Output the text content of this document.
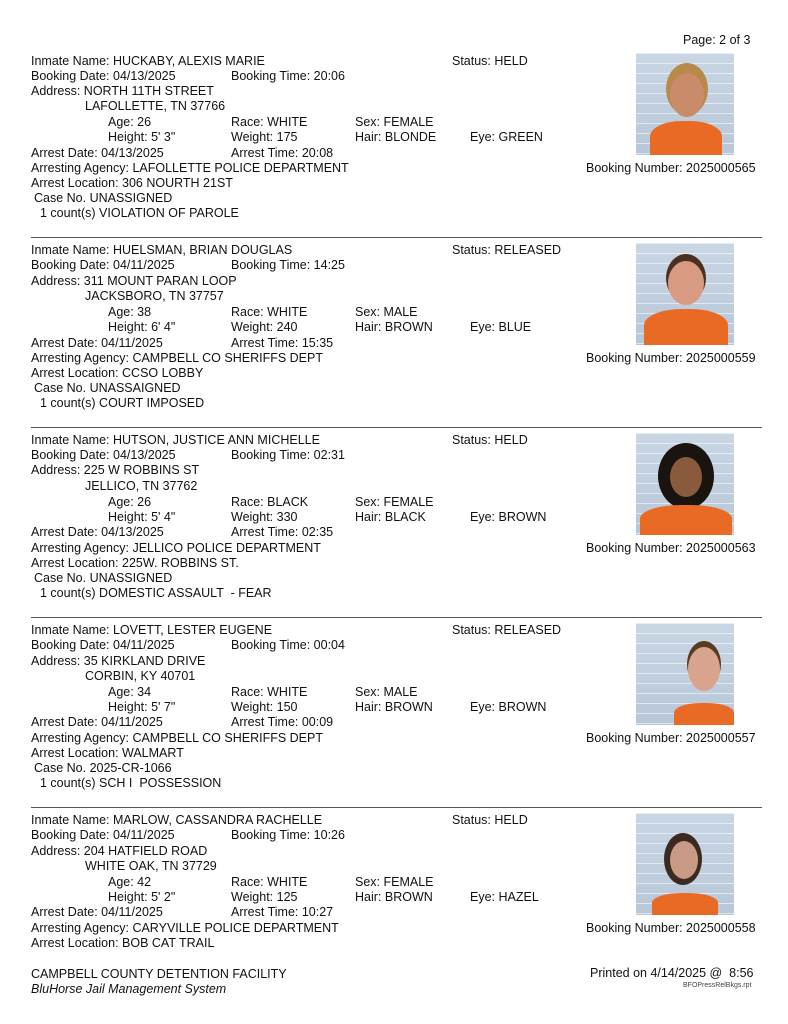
Page: 2 of 3
Inmate Name: HUCKABY, ALEXIS MARIE	Status: HELD
Booking Date: 04/13/2025	Booking Time: 20:06
Address: NORTH 11TH STREET
LAFOLLETTE, TN 37766
Age: 26	Race: WHITE	Sex: FEMALE
Height: 5' 3"	Weight: 175	Hair: BLONDE	Eye: GREEN
Arrest Date: 04/13/2025	Arrest Time: 20:08
Arresting Agency: LAFOLLETTE POLICE DEPARTMENT	Booking Number: 2025000565
Arrest Location: 306 NOURTH 21ST
Case No. UNASSIGNED
1 count(s) VIOLATION OF PAROLE
Inmate Name: HUELSMAN, BRIAN DOUGLAS	Status: RELEASED
Booking Date: 04/11/2025	Booking Time: 14:25
Address: 311 MOUNT PARAN LOOP
JACKSBORO, TN 37757
Age: 38	Race: WHITE	Sex: MALE
Height: 6' 4"	Weight: 240	Hair: BROWN	Eye: BLUE
Arrest Date: 04/11/2025	Arrest Time: 15:35
Arresting Agency: CAMPBELL CO SHERIFFS DEPT	Booking Number: 2025000559
Arrest Location: CCSO LOBBY
Case No. UNASSAIGNED
1 count(s) COURT IMPOSED
Inmate Name: HUTSON, JUSTICE ANN MICHELLE	Status: HELD
Booking Date: 04/13/2025	Booking Time: 02:31
Address: 225 W ROBBINS ST
JELLICO, TN 37762
Age: 26	Race: BLACK	Sex: FEMALE
Height: 5' 4"	Weight: 330	Hair: BLACK	Eye: BROWN
Arrest Date: 04/13/2025	Arrest Time: 02:35
Arresting Agency: JELLICO POLICE DEPARTMENT	Booking Number: 2025000563
Arrest Location: 225W. ROBBINS ST.
Case No. UNASSIGNED
1 count(s) DOMESTIC ASSAULT  - FEAR
Inmate Name: LOVETT, LESTER EUGENE	Status: RELEASED
Booking Date: 04/11/2025	Booking Time: 00:04
Address: 35 KIRKLAND DRIVE
CORBIN, KY 40701
Age: 34	Race: WHITE	Sex: MALE
Height: 5' 7"	Weight: 150	Hair: BROWN	Eye: BROWN
Arrest Date: 04/11/2025	Arrest Time: 00:09
Arresting Agency: CAMPBELL CO SHERIFFS DEPT	Booking Number: 2025000557
Arrest Location: WALMART
Case No. 2025-CR-1066
1 count(s) SCH I  POSSESSION
Inmate Name: MARLOW, CASSANDRA RACHELLE	Status: HELD
Booking Date: 04/11/2025	Booking Time: 10:26
Address: 204 HATFIELD ROAD
WHITE OAK, TN 37729
Age: 42	Race: WHITE	Sex: FEMALE
Height: 5' 2"	Weight: 125	Hair: BROWN	Eye: HAZEL
Arrest Date: 04/11/2025	Arrest Time: 10:27
Arresting Agency: CARYVILLE POLICE DEPARTMENT	Booking Number: 2025000558
Arrest Location: BOB CAT TRAIL
CAMPBELL COUNTY DETENTION FACILITY
BluHorse Jail Management System
Printed on 4/14/2025 @  8:56
BFOPressRelBkgs.rpt
